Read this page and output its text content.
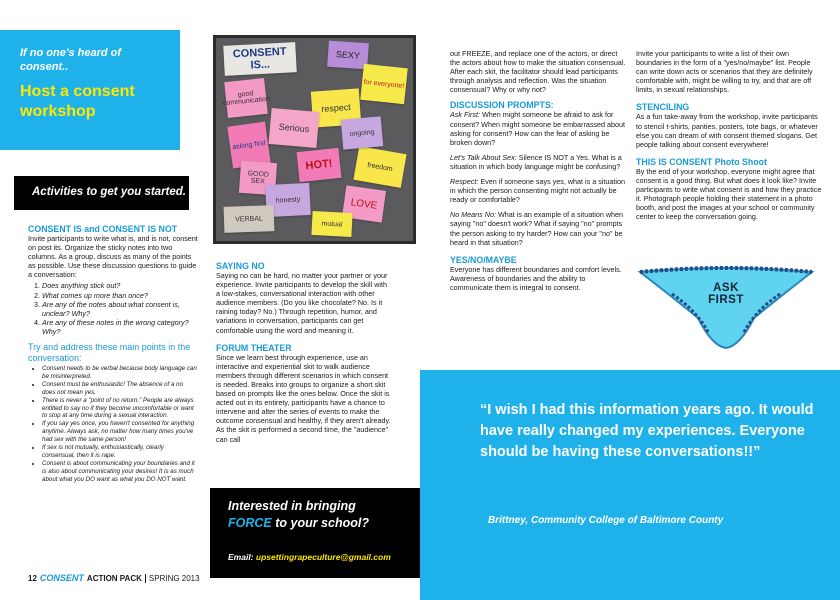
If no one's heard of
consent..
Host a consent
workshop
Activities to get you started.

CONSENT IS and CONSENT IS NOT

Invite participants to write what is, and is not, consent on post its. Organize the sticky notes into two columns. As a group, discuss as many of the points as possible. Use these discussion questions to guide a conversation:

1. Does anything stick out?
2. What comes up more than once?
3. Are any of the notes about what consent is, unclear? Why?
4. Are any of these notes in the wrong category? Why?

Try and address these main points in the conversation:

• Consent needs to be verbal because body language can be misinterpreted.
• Consent must be enthusiastic! The absence of a no does not mean yes.
• There is never a "point of no return." People are always entitled to say no if they become uncomfortable or want to stop at any time during a sexual interaction.
• If you say yes once, you haven't consented for anything anytime. Always ask, no matter how many times you've had sex with the same person!
• If sex is not mutually, enthusiastically, clearly consensual, then it is rape.
• Consent is about communicating your boundaries and it is also about communicating your desires! It is as much about what you DO want as what you DO NOT want.
CONSENT IS...
SEXY
for everyone!
good communication
respect
asking first
Serious
HOT!
GOOD SEX
honesty	LOVE
VERBAL
freedom
ongoing
mutual

SAYING NO

Saying no can be hard, no matter your partner or your experience. Invite participants to develop the skill with a low-stakes, conversational interaction with other audience members. (Do you like chocolate? No. Is it raining today? No.) Through repetition, humor, and variations in conversation, participants can get comfortable using the word and meaning it.

FORUM THEATER

Since we learn best through experience, use an interactive and experiential skit to walk audience members through different scenarios in which consent is needed. Breaks into groups to organize a short skit based on prompts like the ones below. Once the skit is acted out in its entirety, participants have a chance to intervene and alter the series of events to make the outcome consensual and healthy, if they aren't already. As the skit is performed a second time, the "audience" can call

Interested in bringing
FORCE to your school?
Email: upsettingrapeculture@gmail.com
12 CONSENT ACTION PACK SPRING 2013

out FREEZE, and replace one of the actors, or direct the actors about how to make the situation consensual. After each skit, the facilitator should lead participants through analysis and reflection. Was the situation consensual? Why or why not?

DISCUSSION PROMPTS:

Ask First: When might someone be afraid to ask for consent? When might someone be embarrassed about asking for consent? How can the fear of asking be broken down?

Let's Talk About Sex: Silence IS NOT a Yes. What is a situation in which body language might be confusing?

Respect: Even if someone says yes, what is a situation in which the person consenting might not actually be ready or comfortable?

No Means No: What is an example of a situation when saying "no" doesn't work? What if saying "no" prompts the person asking to try harder? How can your "no" be heard in that situation?

YES/NO/MAYBE

Everyone has different boundaries and comfort levels. Awareness of boundaries and the ability to communicate them is integral to consent.

Invite your participants to write a list of their own boundaries in the form of a "yes/no/maybe" list. People can write down acts or scenarios that they are definitely comfortable with, might be willing to try, and that are off limits, in sexual relationships.

STENCILING

As a fun take-away from the workshop, invite participants to stencil t-shirts, panties, posters, tote bags, or whatever else you can dream of with consent themed slogans. Get people talking about consent everywhere!

THIS IS CONSENT Photo Shoot

By the end of your workshop, everyone might agree that consent is a good thing. But what does it look like? Invite participants to write what consent is and how they practice it. Photograph people holding their statement in a photo booth, and post the images at your school or community center to keep the conversation going.

ASK
FIRST
“I wish I had this information years ago. It would have really changed my experiences. Everyone should be having these conversations!!”
Brittney, Community College of Baltimore County
